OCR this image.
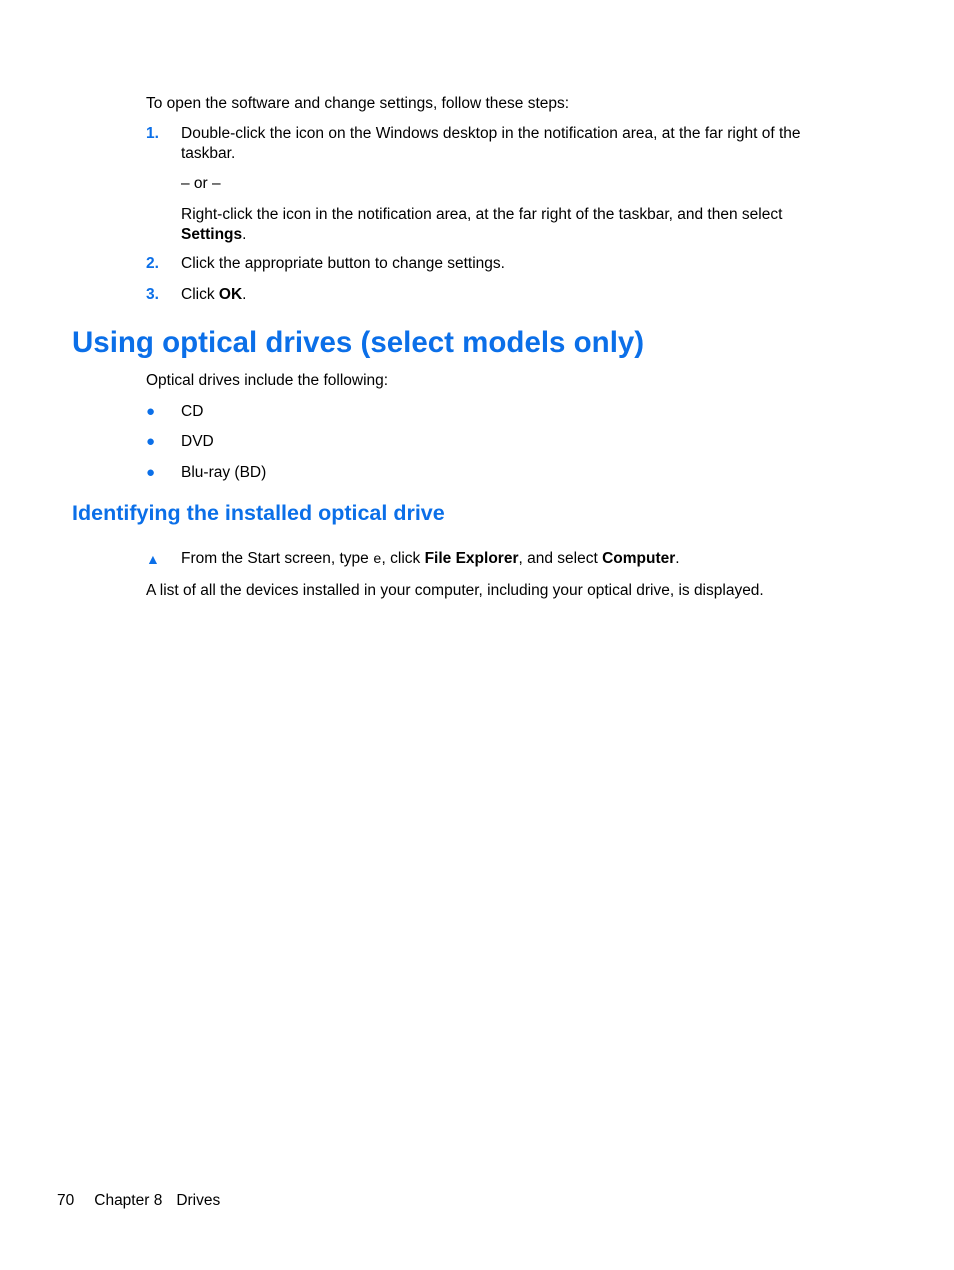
To open the software and change settings, follow these steps:
1. Double-click the icon on the Windows desktop in the notification area, at the far right of the taskbar.
– or –
Right-click the icon in the notification area, at the far right of the taskbar, and then select Settings.
2. Click the appropriate button to change settings.
3. Click OK.
Using optical drives (select models only)
Optical drives include the following:
● CD
● DVD
● Blu-ray (BD)
Identifying the installed optical drive
▲ From the Start screen, type e, click File Explorer, and select Computer.
A list of all the devices installed in your computer, including your optical drive, is displayed.
70 Chapter 8 Drives
